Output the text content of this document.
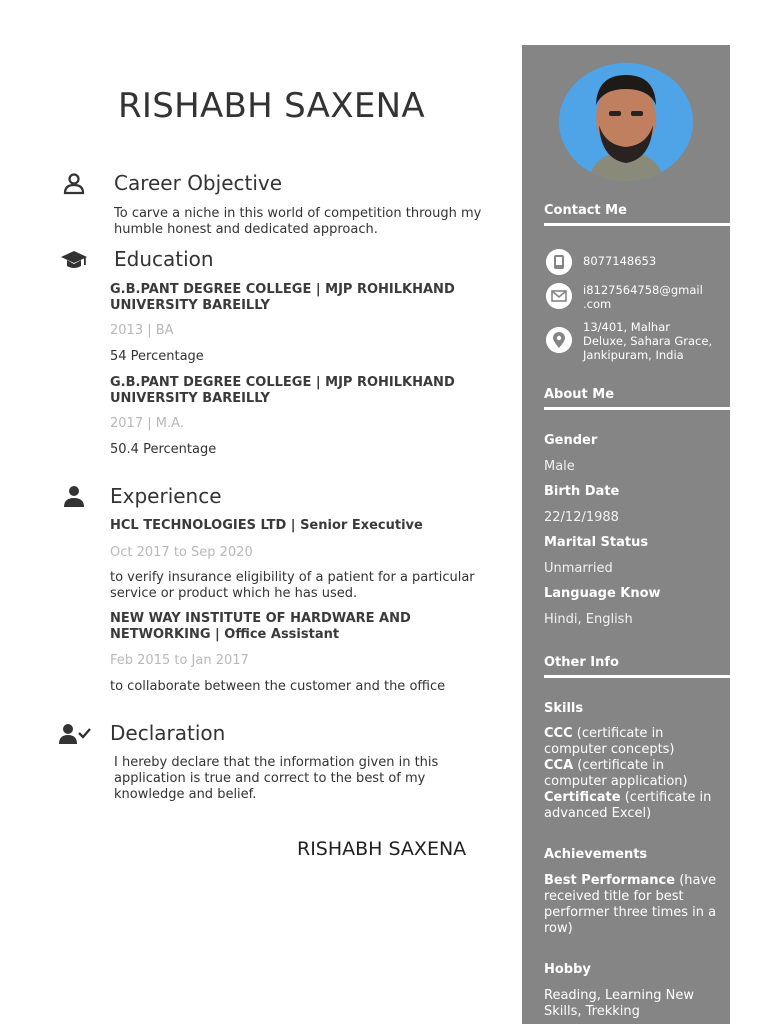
RISHABH SAXENA
Career Objective
To carve a niche in this world of competition through my
humble honest and dedicated approach.
Education
G.B.PANT DEGREE COLLEGE | MJP ROHILKHAND
UNIVERSITY BAREILLY
2013 | BA
54 Percentage
G.B.PANT DEGREE COLLEGE | MJP ROHILKHAND
UNIVERSITY BAREILLY
2017 | M.A.
50.4 Percentage
Experience
HCL TECHNOLOGIES LTD | Senior Executive
Oct 2017 to Sep 2020
to verify insurance eligibility of a patient for a particular
service or product which he has used.
NEW WAY INSTITUTE OF HARDWARE AND
NETWORKING | Office Assistant
Feb 2015 to Jan 2017
to collaborate between the customer and the office
Declaration
I hereby declare that the information given in this
application is true and correct to the best of my
knowledge and belief.
RISHABH SAXENA
Contact Me
8077148653
i8127564758@gmail
.com
13/401, Malhar
Deluxe, Sahara Grace,
Jankipuram, India
About Me
Gender
Male
Birth Date
22/12/1988
Marital Status
Unmarried
Language Know
Hindi, English
Other Info
Skills
CCC (certificate in computer concepts)
CCA (certificate in computer application)
Certificate (certificate in advanced Excel)
Achievements
Best Performance (have received title for best performer three times in a row)
Hobby
Reading, Learning New Skills, Trekking
